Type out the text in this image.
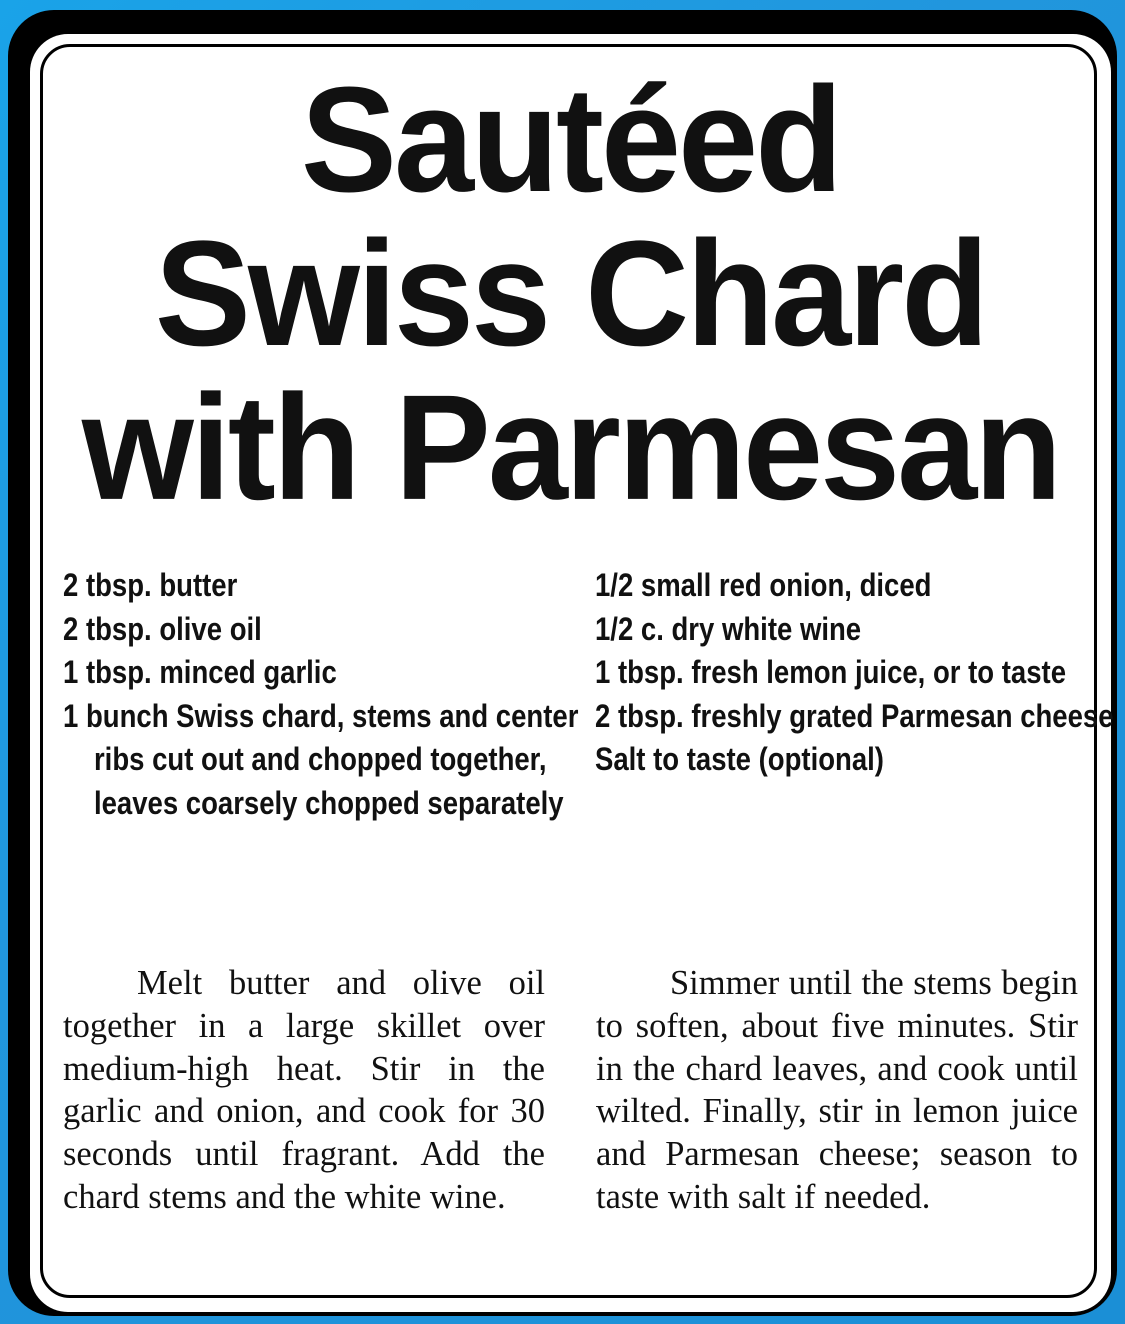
Sautéed
Swiss Chard
with Parmesan
2 tbsp. butter
2 tbsp. olive oil
1 tbsp. minced garlic
1 bunch Swiss chard, stems and center ribs cut out and chopped together, leaves coarsely chopped separately
1/2 small red onion, diced
1/2 c. dry white wine
1 tbsp. fresh lemon juice, or to taste
2 tbsp. freshly grated Parmesan cheese
Salt to taste (optional)

Melt butter and olive oil together in a large skillet over medium-high heat. Stir in the garlic and onion, and cook for 30 seconds until fragrant. Add the chard stems and the white wine.

Simmer until the stems begin to soften, about five minutes. Stir in the chard leaves, and cook until wilted. Finally, stir in lemon juice and Parmesan cheese; season to taste with salt if needed.
